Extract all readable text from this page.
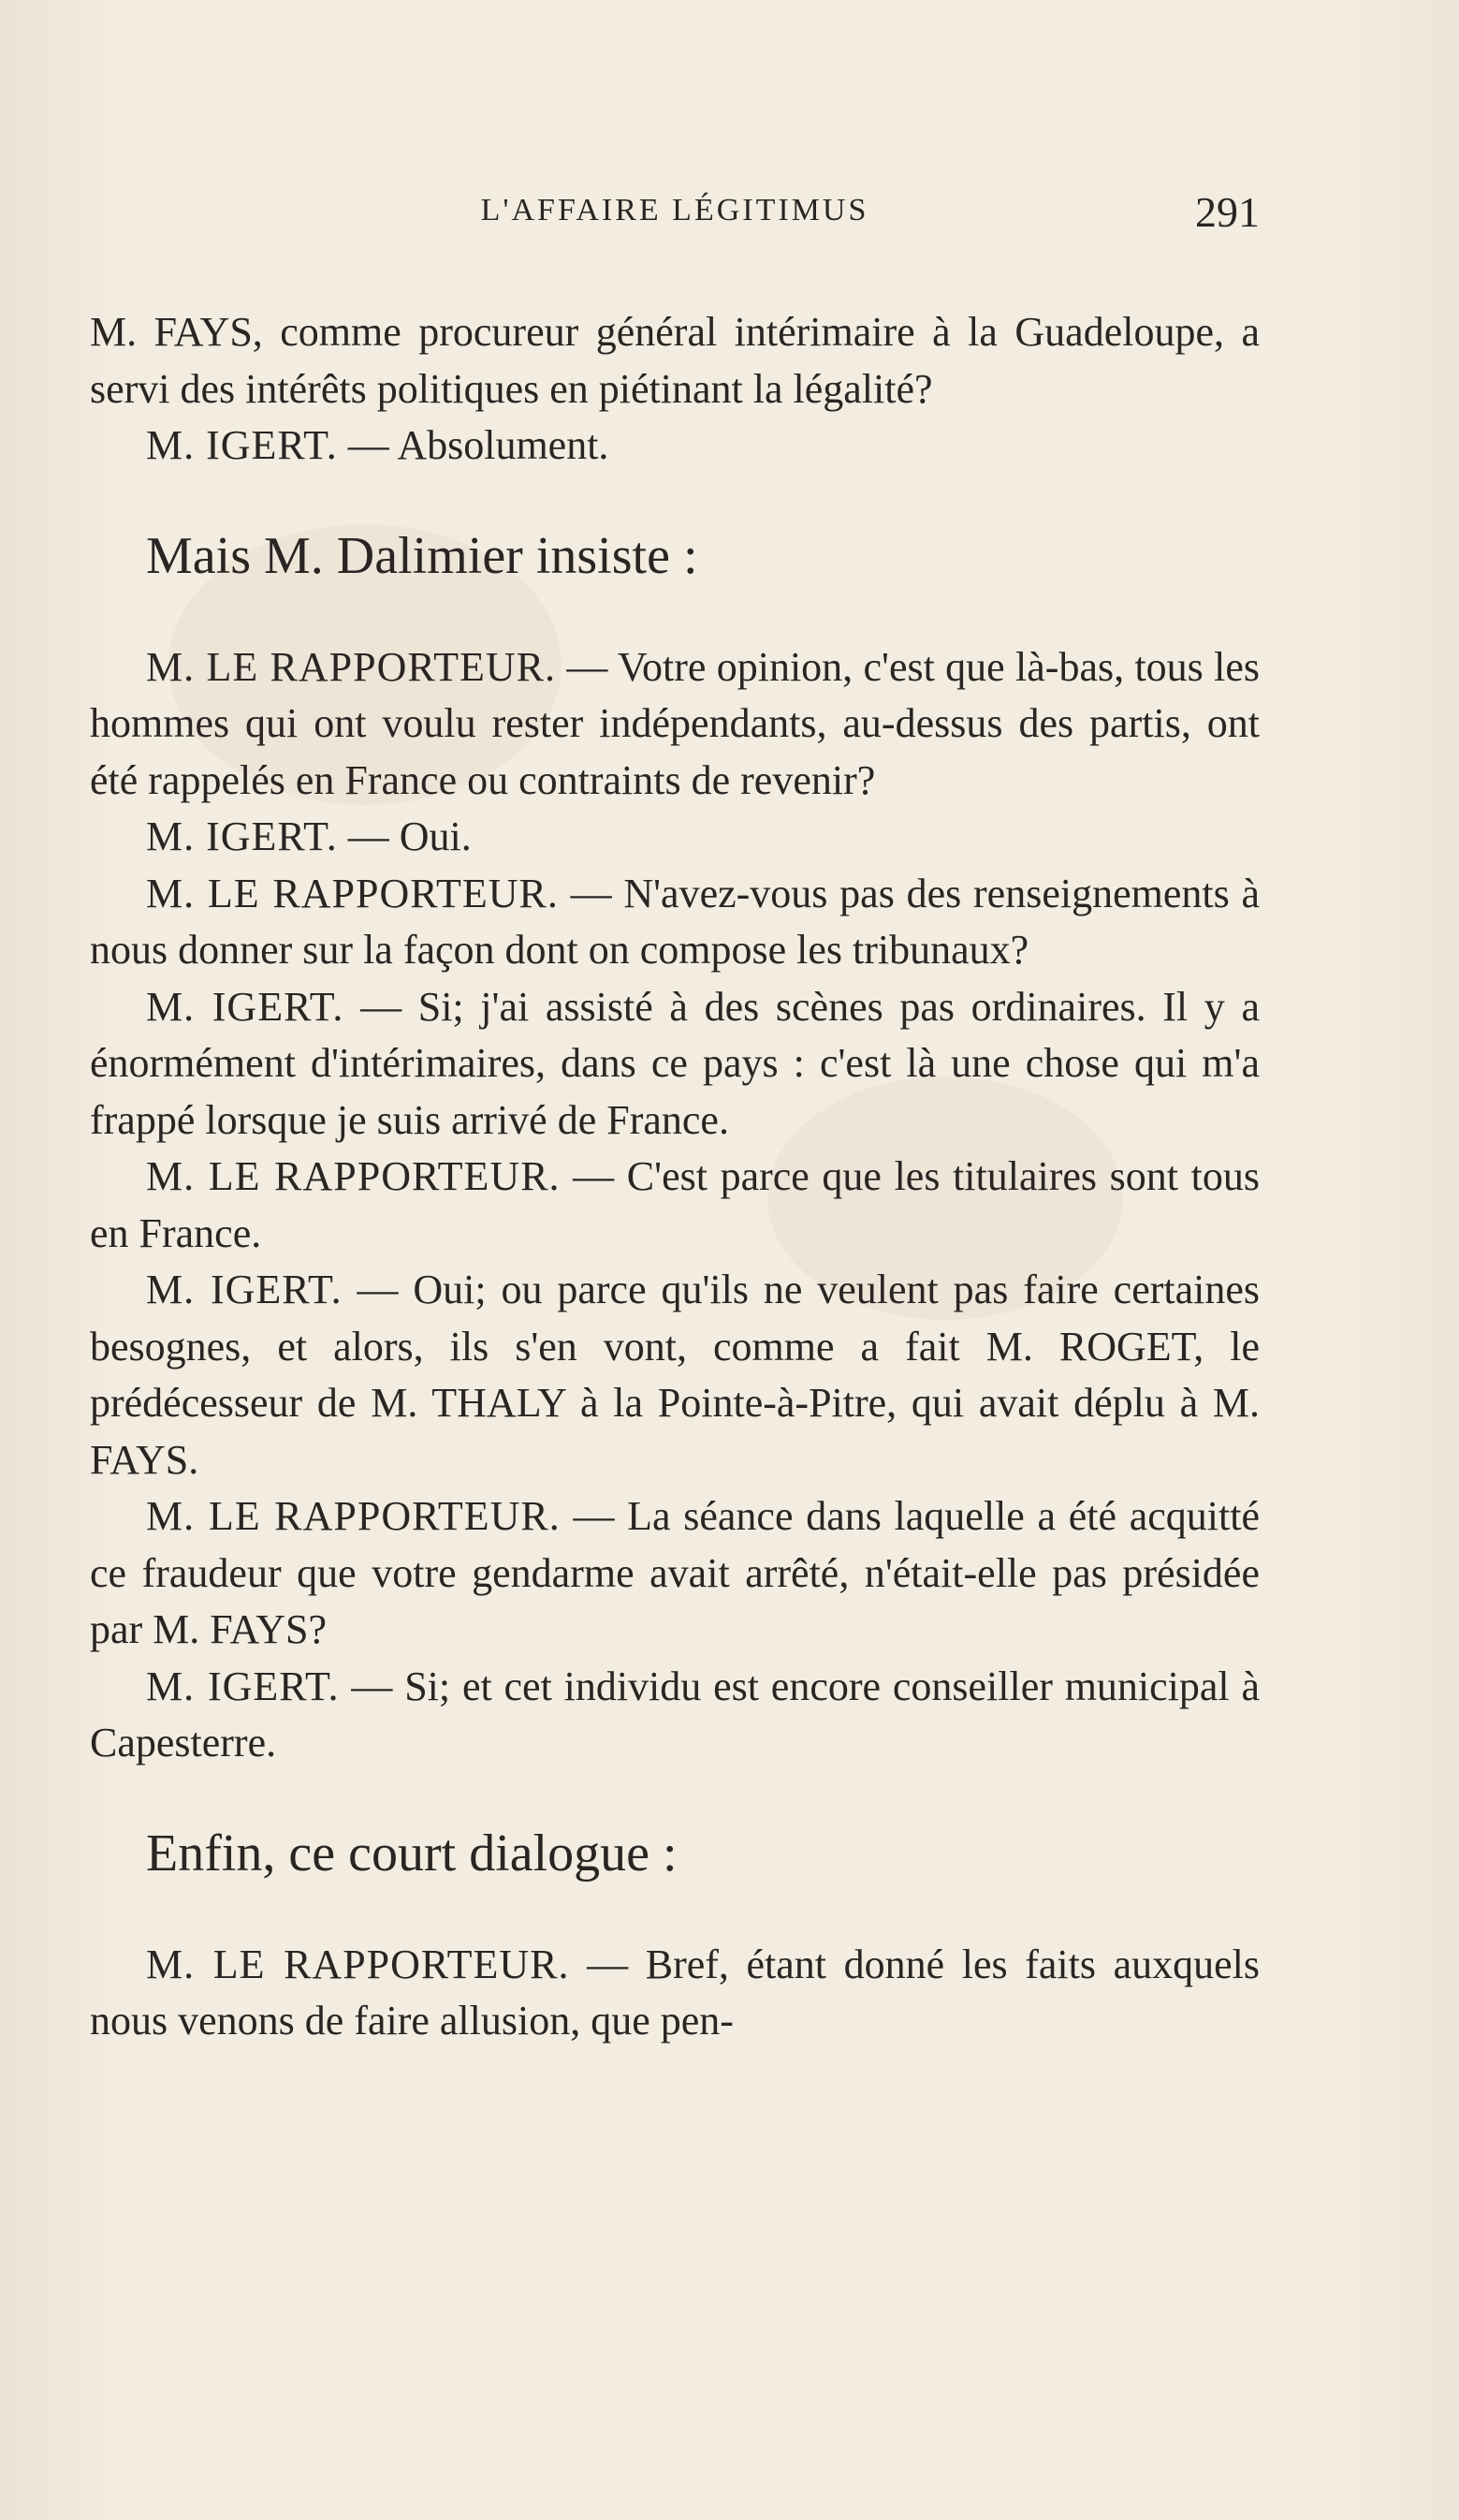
L'AFFAIRE LÉGITIMUS	291

M. FAYS, comme procureur général intérimaire à la Guadeloupe, a servi des intérêts politiques en piétinant la légalité?

M. IGERT. — Absolument.

Mais M. Dalimier insiste :

M. LE RAPPORTEUR. — Votre opinion, c'est que là-bas, tous les hommes qui ont voulu rester indépendants, au-dessus des partis, ont été rappelés en France ou contraints de revenir?

M. IGERT. — Oui.

M. LE RAPPORTEUR. — N'avez-vous pas des renseignements à nous donner sur la façon dont on compose les tribunaux?

M. IGERT. — Si; j'ai assisté à des scènes pas ordinaires. Il y a énormément d'intérimaires, dans ce pays : c'est là une chose qui m'a frappé lorsque je suis arrivé de France.

M. LE RAPPORTEUR. — C'est parce que les titulaires sont tous en France.

M. IGERT. — Oui; ou parce qu'ils ne veulent pas faire certaines besognes, et alors, ils s'en vont, comme a fait M. ROGET, le prédécesseur de M. THALY à la Pointe-à-Pitre, qui avait déplu à M. FAYS.

M. LE RAPPORTEUR. — La séance dans laquelle a été acquitté ce fraudeur que votre gendarme avait arrêté, n'était-elle pas présidée par M. FAYS?

M. IGERT. — Si; et cet individu est encore conseiller municipal à Capesterre.

Enfin, ce court dialogue :

M. LE RAPPORTEUR. — Bref, étant donné les faits auxquels nous venons de faire allusion, que pen-
